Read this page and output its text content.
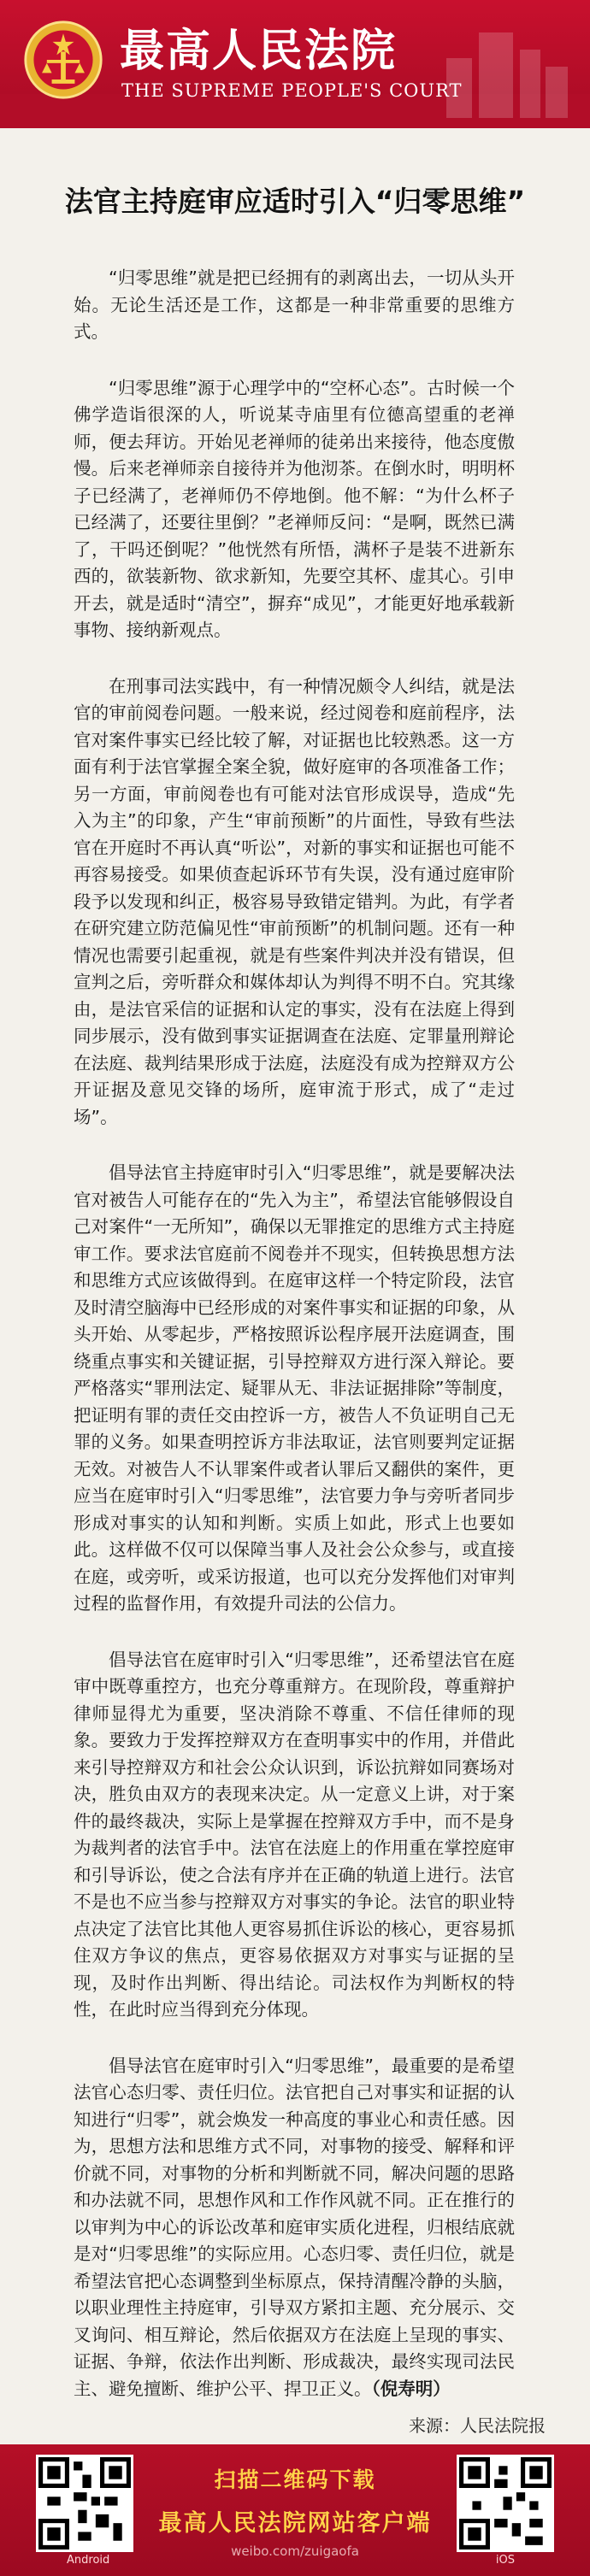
最高人民法院
THE SUPREME PEOPLE'S COURT
法官主持庭审应适时引入“归零思维”

“归零思维”就是把已经拥有的剥离出去，一切从头开始。无论生活还是工作，这都是一种非常重要的思维方式。

“归零思维”源于心理学中的“空杯心态”。古时候一个佛学造诣很深的人，听说某寺庙里有位德高望重的老禅师，便去拜访。开始见老禅师的徒弟出来接待，他态度傲慢。后来老禅师亲自接待并为他沏茶。在倒水时，明明杯子已经满了，老禅师仍不停地倒。他不解：“为什么杯子已经满了，还要往里倒？”老禅师反问：“是啊，既然已满了，干吗还倒呢？”他恍然有所悟，满杯子是装不进新东西的，欲装新物、欲求新知，先要空其杯、虚其心。引申开去，就是适时“清空”，摒弃“成见”，才能更好地承载新事物、接纳新观点。

在刑事司法实践中，有一种情况颇令人纠结，就是法官的审前阅卷问题。一般来说，经过阅卷和庭前程序，法官对案件事实已经比较了解，对证据也比较熟悉。这一方面有利于法官掌握全案全貌，做好庭审的各项准备工作；另一方面，审前阅卷也有可能对法官形成误导，造成“先入为主”的印象，产生“审前预断”的片面性，导致有些法官在开庭时不再认真“听讼”，对新的事实和证据也可能不再容易接受。如果侦查起诉环节有失误，没有通过庭审阶段予以发现和纠正，极容易导致错定错判。为此，有学者在研究建立防范偏见性“审前预断”的机制问题。还有一种情况也需要引起重视，就是有些案件判决并没有错误，但宣判之后，旁听群众和媒体却认为判得不明不白。究其缘由，是法官采信的证据和认定的事实，没有在法庭上得到同步展示，没有做到事实证据调查在法庭、定罪量刑辩论在法庭、裁判结果形成于法庭，法庭没有成为控辩双方公开证据及意见交锋的场所，庭审流于形式，成了“走过场”。

倡导法官主持庭审时引入“归零思维”，就是要解决法官对被告人可能存在的“先入为主”，希望法官能够假设自己对案件“一无所知”，确保以无罪推定的思维方式主持庭审工作。要求法官庭前不阅卷并不现实，但转换思想方法和思维方式应该做得到。在庭审这样一个特定阶段，法官及时清空脑海中已经形成的对案件事实和证据的印象，从头开始、从零起步，严格按照诉讼程序展开法庭调查，围绕重点事实和关键证据，引导控辩双方进行深入辩论。要严格落实“罪刑法定、疑罪从无、非法证据排除”等制度，把证明有罪的责任交由控诉一方，被告人不负证明自己无罪的义务。如果查明控诉方非法取证，法官则要判定证据无效。对被告人不认罪案件或者认罪后又翻供的案件，更应当在庭审时引入“归零思维”，法官要力争与旁听者同步形成对事实的认知和判断。实质上如此，形式上也要如此。这样做不仅可以保障当事人及社会公众参与，或直接在庭，或旁听，或采访报道，也可以充分发挥他们对审判过程的监督作用，有效提升司法的公信力。

倡导法官在庭审时引入“归零思维”，还希望法官在庭审中既尊重控方，也充分尊重辩方。在现阶段，尊重辩护律师显得尤为重要，坚决消除不尊重、不信任律师的现象。要致力于发挥控辩双方在查明事实中的作用，并借此来引导控辩双方和社会公众认识到，诉讼抗辩如同赛场对决，胜负由双方的表现来决定。从一定意义上讲，对于案件的最终裁决，实际上是掌握在控辩双方手中，而不是身为裁判者的法官手中。法官在法庭上的作用重在掌控庭审和引导诉讼，使之合法有序并在正确的轨道上进行。法官不是也不应当参与控辩双方对事实的争论。法官的职业特点决定了法官比其他人更容易抓住诉讼的核心，更容易抓住双方争议的焦点，更容易依据双方对事实与证据的呈现，及时作出判断、得出结论。司法权作为判断权的特性，在此时应当得到充分体现。

倡导法官在庭审时引入“归零思维”，最重要的是希望法官心态归零、责任归位。法官把自己对事实和证据的认知进行“归零”，就会焕发一种高度的事业心和责任感。因为，思想方法和思维方式不同，对事物的接受、解释和评价就不同，对事物的分析和判断就不同，解决问题的思路和办法就不同，思想作风和工作作风就不同。正在推行的以审判为中心的诉讼改革和庭审实质化进程，归根结底就是对“归零思维”的实际应用。心态归零、责任归位，就是希望法官把心态调整到坐标原点，保持清醒冷静的头脑，以职业理性主持庭审，引导双方紧扣主题、充分展示、交叉询问、相互辩论，然后依据双方在法庭上呈现的事实、证据、争辩，依法作出判断、形成裁决，最终实现司法民主、避免擅断、维护公平、捍卫正义。（倪寿明）

来源：人民法院报
Android	iOS
扫描二维码下载
最高人民法院网站客户端
weibo.com/zuigaofa
